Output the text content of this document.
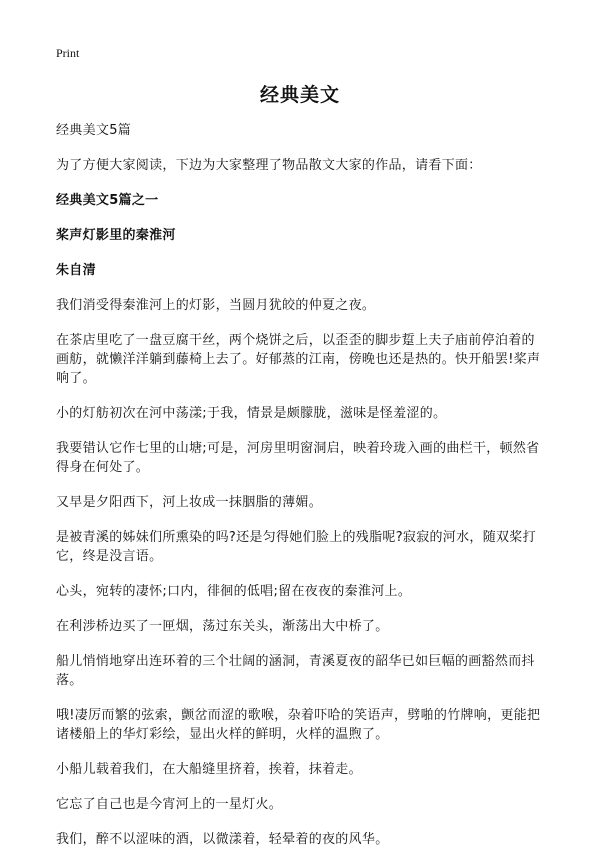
Print
经典美文

经典美文5篇

为了方便大家阅读，下边为大家整理了物品散文大家的作品，请看下面：

经典美文5篇之一

桨声灯影里的秦淮河

朱自清

我们消受得秦淮河上的灯影，当圆月犹皎的仲夏之夜。

在茶店里吃了一盘豆腐干丝，两个烧饼之后，以歪歪的脚步踅上夫子庙前停泊着的画舫，就懒洋洋躺到藤椅上去了。好郁蒸的江南，傍晚也还是热的。快开船罢!桨声响了。

小的灯舫初次在河中荡漾;于我，情景是颇朦胧，滋味是怪羞涩的。

我要错认它作七里的山塘;可是，河房里明窗洞启，映着玲珑入画的曲栏干，顿然省得身在何处了。

又早是夕阳西下，河上妆成一抹胭脂的薄媚。

是被青溪的姊妹们所熏染的吗?还是匀得她们脸上的残脂呢?寂寂的河水，随双桨打它，终是没言语。

心头，宛转的凄怀;口内，徘徊的低唱;留在夜夜的秦淮河上。

在利涉桥边买了一匣烟，荡过东关头，渐荡出大中桥了。

船儿悄悄地穿出连环着的三个壮阔的涵洞，青溪夏夜的韶华已如巨幅的画豁然而抖落。

哦!凄厉而繁的弦索，颤岔而涩的歌喉，杂着吓哈的笑语声，劈啪的竹牌响，更能把诸楼船上的华灯彩绘，显出火样的鲜明，火样的温煦了。

小船儿载着我们，在大船缝里挤着，挨着，抹着走。

它忘了自己也是今宵河上的一星灯火。

我们，醉不以涩味的酒，以微漾着，轻晕着的夜的风华。
